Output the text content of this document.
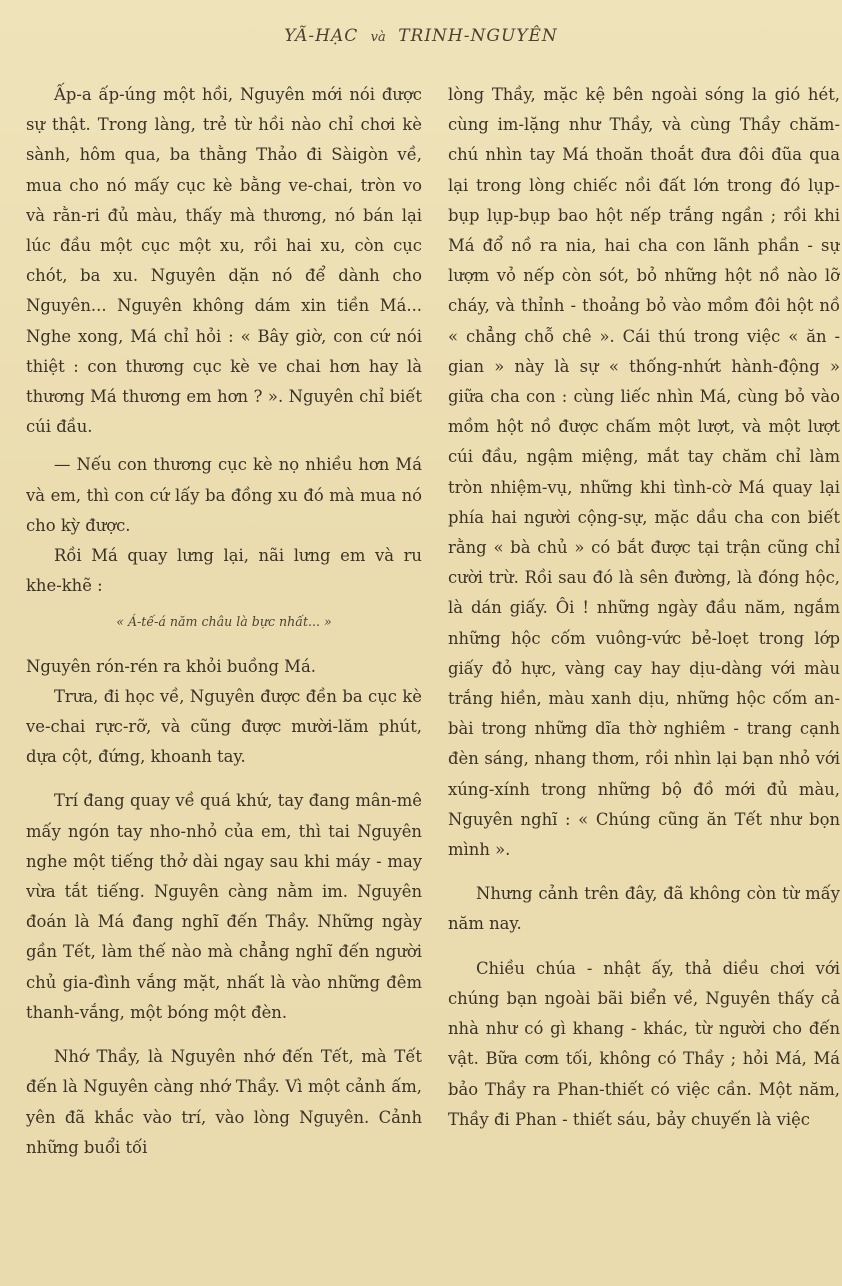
YÃ-HẠC và TRINH-NGUYÊN

Ấp-a ấp-úng một hồi, Nguyên mới nói được sự thật. Trong làng, trẻ từ hồi nào chỉ chơi kè sành, hôm qua, ba thằng Thảo đi Sàigòn về, mua cho nó mấy cục kè bằng ve-chai, tròn vo và rằn-ri đủ màu, thấy mà thương, nó bán lại lúc đầu một cục một xu, rồi hai xu, còn cục chót, ba xu. Nguyên dặn nó để dành cho Nguyên... Nguyên không dám xin tiền Má... Nghe xong, Má chỉ hỏi : « Bây giờ, con cứ nói thiệt : con thương cục kè ve chai hơn hay là thương Má thương em hơn ? ». Nguyên chỉ biết cúi đầu.

— Nếu con thương cục kè nọ nhiều hơn Má và em, thì con cứ lấy ba đồng xu đó mà mua nó cho kỳ được.

Rồi Má quay lưng lại, nãi lưng em và ru khe-khẽ :

« Á-tế-á năm châu là bực nhất... »

Nguyên rón-rén ra khỏi buồng Má.

Trưa, đi học về, Nguyên được đền ba cục kè ve-chai rực-rỡ, và cũng được mười-lăm phút, dựa cột, đứng, khoanh tay.

Trí đang quay về quá khứ, tay đang mân-mê mấy ngón tay nho-nhỏ của em, thì tai Nguyên nghe một tiếng thở dài ngay sau khi máy - may vừa tắt tiếng. Nguyên càng nằm im. Nguyên đoán là Má đang nghĩ đến Thầy. Những ngày gần Tết, làm thế nào mà chẳng nghĩ đến người chủ gia-đình vắng mặt, nhất là vào những đêm thanh-vắng, một bóng một đèn.

Nhớ Thầy, là Nguyên nhớ đến Tết, mà Tết đến là Nguyên càng nhớ Thầy. Vì một cảnh ấm, yên đã khắc vào trí, vào lòng Nguyên. Cảnh những buổi tối

lòng Thầy, mặc kệ bên ngoài sóng la gió hét, cùng im-lặng như Thầy, và cùng Thầy chăm-chú nhìn tay Má thoăn thoắt đưa đôi đũa qua lại trong lòng chiếc nồi đất lớn trong đó lụp-bụp lụp-bụp bao hột nếp trắng ngần ; rồi khi Má đổ nồ ra nia, hai cha con lãnh phần - sự lượm vỏ nếp còn sót, bỏ những hột nồ nào lỡ cháy, và thỉnh - thoảng bỏ vào mồm đôi hột nồ « chẳng chỗ chê ». Cái thú trong việc « ăn - gian » này là sự « thống-nhứt hành-động » giữa cha con : cùng liếc nhìn Má, cùng bỏ vào mồm hột nồ được chấm một lượt, và một lượt cúi đầu, ngậm miệng, mắt tay chăm chỉ làm tròn nhiệm-vụ, những khi tình-cờ Má quay lại phía hai người cộng-sự, mặc dầu cha con biết rằng « bà chủ » có bắt được tại trận cũng chỉ cười trừ. Rồi sau đó là sên đường, là đóng hộc, là dán giấy. Ôi ! những ngày đầu năm, ngắm những hộc cốm vuông-vức bẻ-loẹt trong lớp giấy đỏ hực, vàng cay hay dịu-dàng với màu trắng hiền, màu xanh dịu, những hộc cốm an-bài trong những dĩa thờ nghiêm - trang cạnh đèn sáng, nhang thơm, rồi nhìn lại bạn nhỏ với xúng-xính trong những bộ đồ mới đủ màu, Nguyên nghĩ : « Chúng cũng ăn Tết như bọn mình ».

Nhưng cảnh trên đây, đã không còn từ mấy năm nay.

Chiều chúa - nhật ấy, thả diều chơi với chúng bạn ngoài bãi biển về, Nguyên thấy cả nhà như có gì khang - khác, từ người cho đến vật. Bữa cơm tối, không có Thầy ; hỏi Má, Má bảo Thầy ra Phan-thiết có việc cần. Một năm, Thầy đi Phan - thiết sáu, bảy chuyến là việc
